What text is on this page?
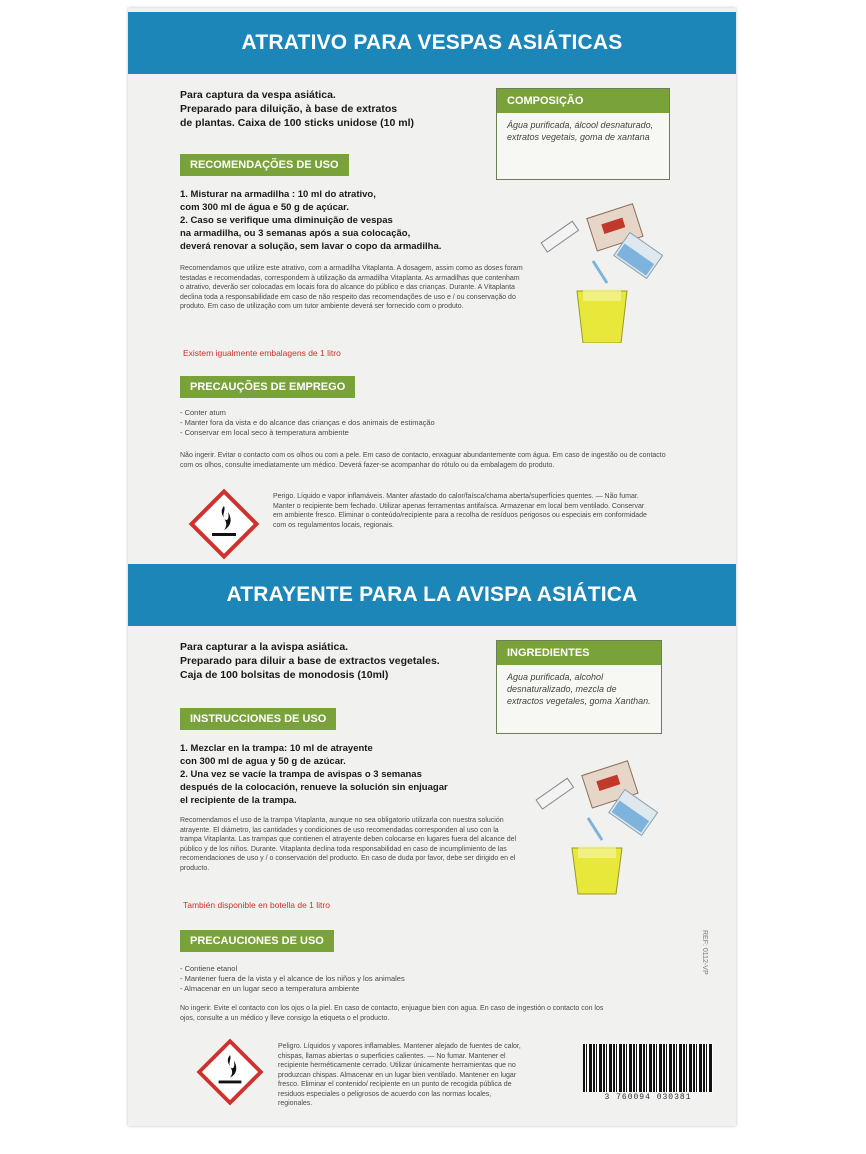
ATRATIVO PARA VESPAS ASIÁTICAS
Para captura da vespa asiática.
Preparado para diluição, à base de extratos
de plantas. Caixa de 100 sticks unidose (10 ml)
COMPOSIÇÃO
Água purificada, álcool desnaturado, extratos vegetais, goma de xantana
RECOMENDAÇÕES DE USO
1. Misturar na armadilha : 10 ml do atrativo,
com 300 ml de água e 50 g de açúcar.
2. Caso se verifique uma diminuição de vespas
na armadilha, ou 3 semanas após a sua colocação,
deverá renovar a solução, sem lavar o copo da armadilha.
Recomendamos que utilize este atrativo, com a armadilha Vitaplanta. A dosagem, assim como as doses foram testadas e recomendadas, correspondem à utilização da armadilha Vitaplanta. As armadilhas que contenham o atrativo, deverão ser colocadas em locais fora do alcance do público e das crianças. Durante. A Vitaplanta declina toda a responsabilidade em caso de não respeito das recomendações de uso e / ou conservação do produto. Em caso de utilização com um tutor ambiente deverá ser fornecido com o produto.
Existem igualmente embalagens de 1 litro
PRECAUÇÕES DE EMPREGO
- Conter atum
- Manter fora da vista e do alcance das crianças e dos animais de estimação
- Conservar em local seco à temperatura ambiente
Não ingerir. Evitar o contacto com os olhos ou com a pele. Em caso de contacto, enxaguar abundantemente com água. Em caso de ingestão ou de contacto com os olhos, consulte imediatamente um médico. Deverá fazer-se acompanhar do rótulo ou da embalagem do produto.
Perigo. Líquido e vapor inflamáveis. Manter afastado do calor/faísca/chama aberta/superfícies quentes. — Não fumar. Manter o recipiente bem fechado. Utilizar apenas ferramentas antifaísca. Armazenar em local bem ventilado. Conservar em ambiente fresco. Eliminar o conteúdo/recipiente para a recolha de resíduos perigosos ou especiais em conformidade com os regulamentos locais, regionais.
ATRAYENTE PARA LA AVISPA ASIÁTICA
Para capturar a la avispa asiática.
Preparado para diluir a base de extractos vegetales.
Caja de 100 bolsitas de monodosis (10ml)
INGREDIENTES
Agua purificada, alcohol desnaturalizado, mezcla de extractos vegetales, goma Xanthan.
INSTRUCCIONES DE USO
1. Mezclar en la trampa: 10 ml de atrayente
con 300 ml de agua y 50 g de azúcar.
2. Una vez se vacíe la trampa de avispas o 3 semanas
después de la colocación, renueve la solución sin enjuagar
el recipiente de la trampa.
Recomendamos el uso de la trampa Vitaplanta, aunque no sea obligatorio utilizarla con nuestra solución atrayente. El diámetro, las cantidades y condiciones de uso recomendadas corresponden al uso con la trampa Vitaplanta. Las trampas que contienen el atrayente deben colocarse en lugares fuera del alcance del público y de los niños. Durante. Vitaplanta declina toda responsabilidad en caso de incumplimiento de las recomendaciones de uso y / o conservación del producto. En caso de duda por favor, debe ser dirigido en el producto.
También disponible en botella de 1 litro
PRECAUCIONES DE USO
- Contiene etanol
- Mantener fuera de la vista y el alcance de los niños y los animales
- Almacenar en un lugar seco a temperatura ambiente
No ingerir. Evite el contacto con los ojos o la piel. En caso de contacto, enjuague bien con agua. En caso de ingestión o contacto con los ojos, consulte a un médico y lleve consigo la etiqueta o el producto.
Peligro. Líquidos y vapores inflamables. Mantener alejado de fuentes de calor, chispas, llamas abiertas o superficies calientes. — No fumar. Mantener el recipiente herméticamente cerrado. Utilizar únicamente herramientas que no produzcan chispas. Almacenar en un lugar bien ventilado. Mantener en lugar fresco. Eliminar el contenido/ recipiente en un punto de recogida pública de residuos especiales o peligrosos de acuerdo con las normas locales, regionales.
REF: 0112-VP
3 760094 030381
